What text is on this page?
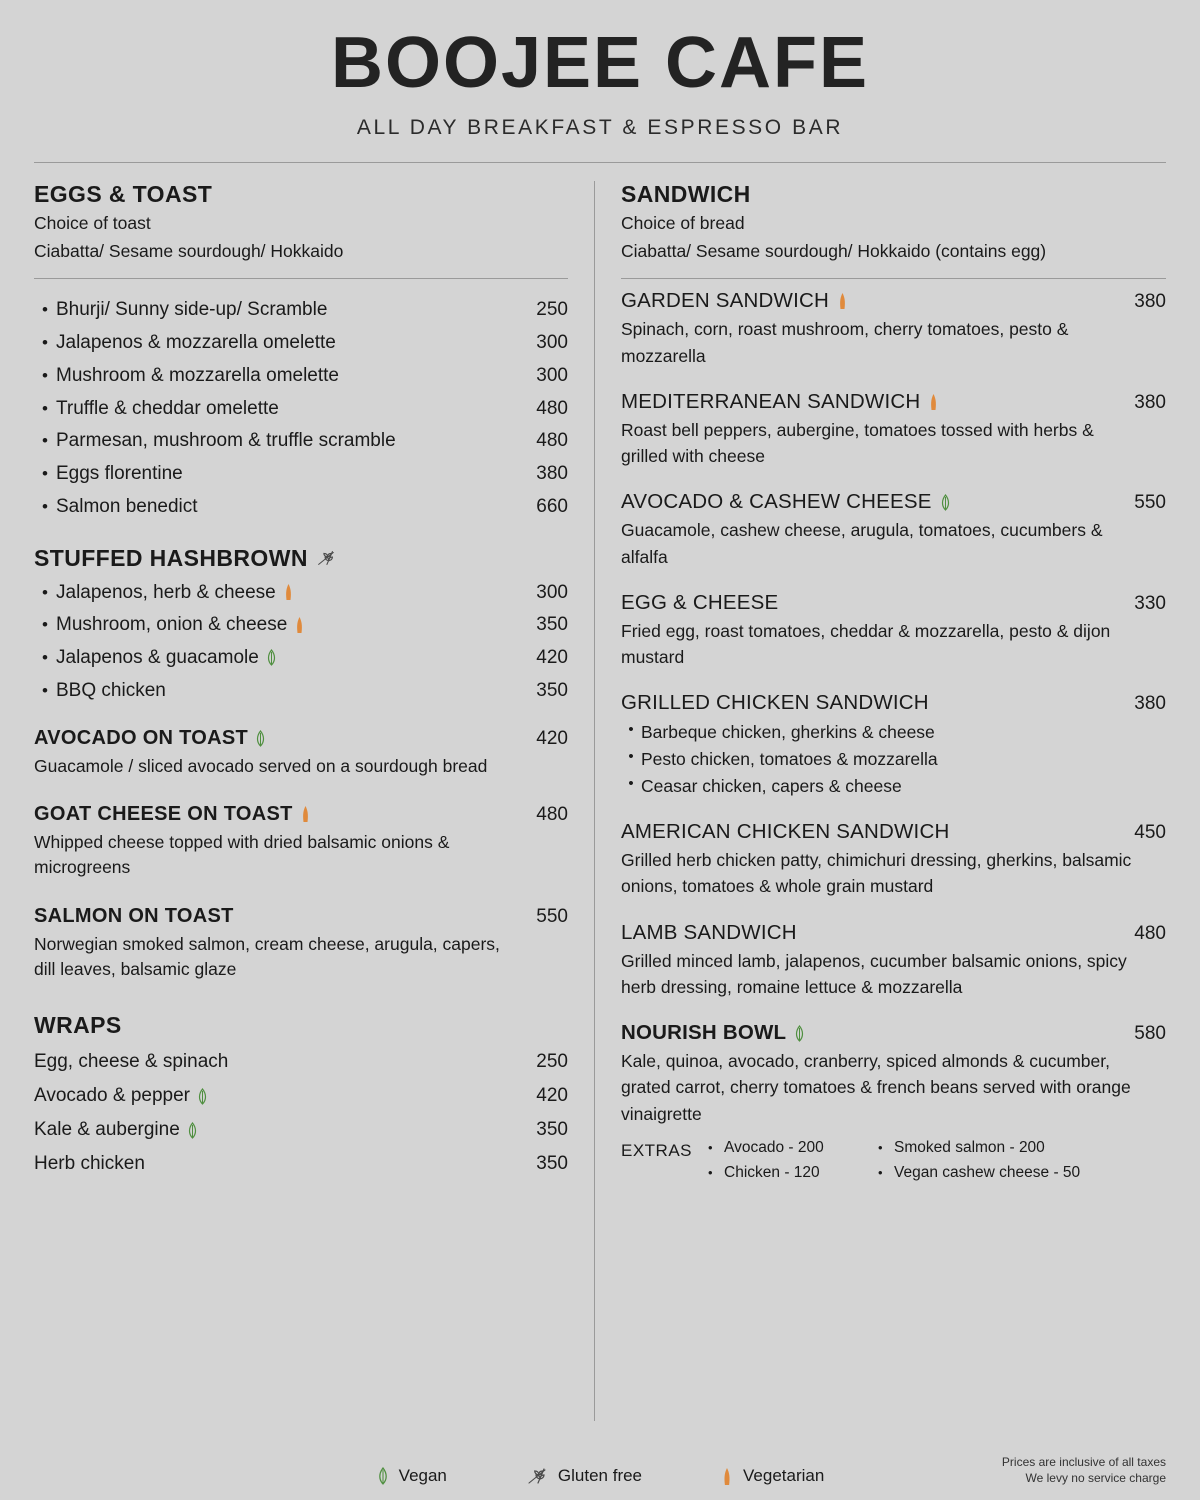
BOOJEE CAFE
ALL DAY BREAKFAST & ESPRESSO BAR
EGGS & TOAST
Choice of toast
Ciabatta/ Sesame sourdough/ Hokkaido
• Bhurji/ Sunny side-up/ Scramble	250
• Jalapenos & mozzarella omelette	300
• Mushroom & mozzarella omelette	300
• Truffle & cheddar omelette	480
• Parmesan, mushroom & truffle scramble	480
• Eggs florentine	380
• Salmon benedict	660
STUFFED HASHBROWN
• Jalapenos, herb & cheese	300
• Mushroom, onion & cheese	350
• Jalapenos & guacamole	420
• BBQ chicken	350
AVOCADO ON TOAST	420
Guacamole / sliced avocado served on a sourdough bread
GOAT CHEESE ON TOAST	480
Whipped cheese topped with dried balsamic onions & microgreens
SALMON ON TOAST	550
Norwegian smoked salmon, cream cheese, arugula, capers, dill leaves, balsamic glaze
WRAPS
Egg, cheese & spinach	250
Avocado & pepper	420
Kale & aubergine	350
Herb chicken	350
SANDWICH
Choice of bread
Ciabatta/ Sesame sourdough/ Hokkaido (contains egg)
GARDEN SANDWICH	380
Spinach, corn, roast mushroom, cherry tomatoes, pesto & mozzarella
MEDITERRANEAN SANDWICH	380
Roast bell peppers, aubergine, tomatoes tossed with herbs & grilled with cheese
AVOCADO & CASHEW CHEESE	550
Guacamole, cashew cheese, arugula, tomatoes, cucumbers & alfalfa
EGG & CHEESE	330
Fried egg, roast tomatoes, cheddar & mozzarella, pesto & dijon mustard
GRILLED CHICKEN SANDWICH	380
• Barbeque chicken, gherkins & cheese
• Pesto chicken, tomatoes & mozzarella
• Ceasar chicken, capers & cheese
AMERICAN CHICKEN SANDWICH	450
Grilled herb chicken patty, chimichuri dressing, gherkins, balsamic onions, tomatoes & whole grain mustard
LAMB SANDWICH	480
Grilled minced lamb, jalapenos, cucumber balsamic onions, spicy herb dressing, romaine lettuce & mozzarella
NOURISH BOWL	580
Kale, quinoa, avocado, cranberry, spiced almonds & cucumber, grated carrot, cherry tomatoes & french beans served with orange vinaigrette
EXTRAS • Avocado - 200	• Smoked salmon - 200
• Chicken - 120	• Vegan cashew cheese - 50
Vegan	Gluten free	Vegetarian
Prices are inclusive of all taxes
We levy no service charge
